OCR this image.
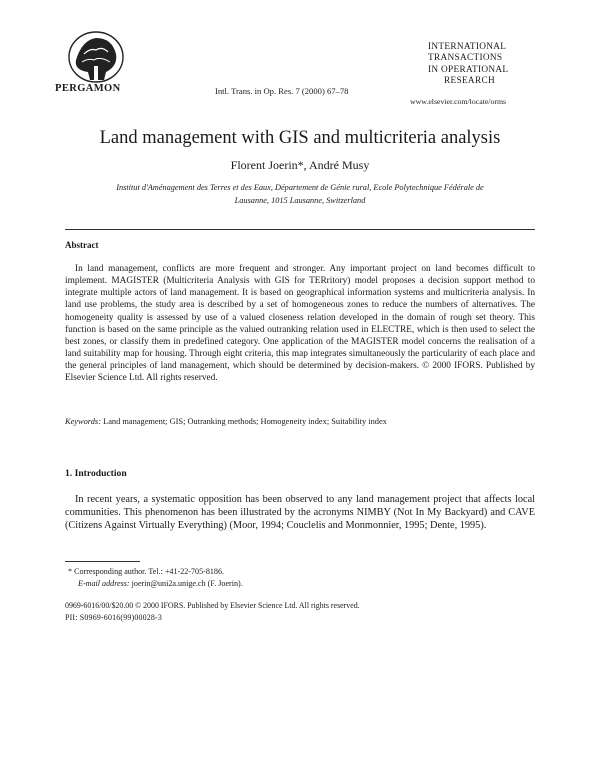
PERGAMON	Intl. Trans. in Op. Res. 7 (2000) 67–78
INTERNATIONAL
TRANSACTIONS
IN OPERATIONAL
RESEARCH
www.elsevier.com/locate/orms
Land management with GIS and multicriteria analysis
Florent Joerin*, André Musy
Institut d'Aménagement des Terres et des Eaux, Département de Génie rural, Ecole Polytechnique Fédérale de Lausanne, 1015 Lausanne, Switzerland
Abstract
In land management, conflicts are more frequent and stronger. Any important project on land becomes difficult to implement. MAGISTER (Multicriteria Analysis with GIS for TERritory) model proposes a decision support method to integrate multiple actors of land management. It is based on geographical information systems and multicriteria analysis. In land use problems, the study area is described by a set of homogeneous zones to reduce the numbers of alternatives. The homogeneity quality is assessed by use of a valued closeness relation developed in the domain of rough set theory. This function is based on the same principle as the valued outranking relation used in ELECTRE, which is then used to select the best zones, or classify them in predefined category. One application of the MAGISTER model concerns the realisation of a land suitability map for housing. Through eight criteria, this map integrates simultaneously the particularity of each place and the general principles of land management, which should be determined by decision-makers. © 2000 IFORS. Published by Elsevier Science Ltd. All rights reserved.
Keywords: Land management; GIS; Outranking methods; Homogeneity index; Suitability index
1. Introduction
In recent years, a systematic opposition has been observed to any land management project that affects local communities. This phenomenon has been illustrated by the acronyms NIMBY (Not In My Backyard) and CAVE (Citizens Against Virtually Everything) (Moor, 1994; Couclelis and Monmonnier, 1995; Dente, 1995).
* Corresponding author. Tel.: +41-22-705-8186.
E-mail address: joerin@uni2a.unige.ch (F. Joerin).
0969-6016/00/$20.00 © 2000 IFORS. Published by Elsevier Science Ltd. All rights reserved.
PII: S0969-6016(99)00028-3
